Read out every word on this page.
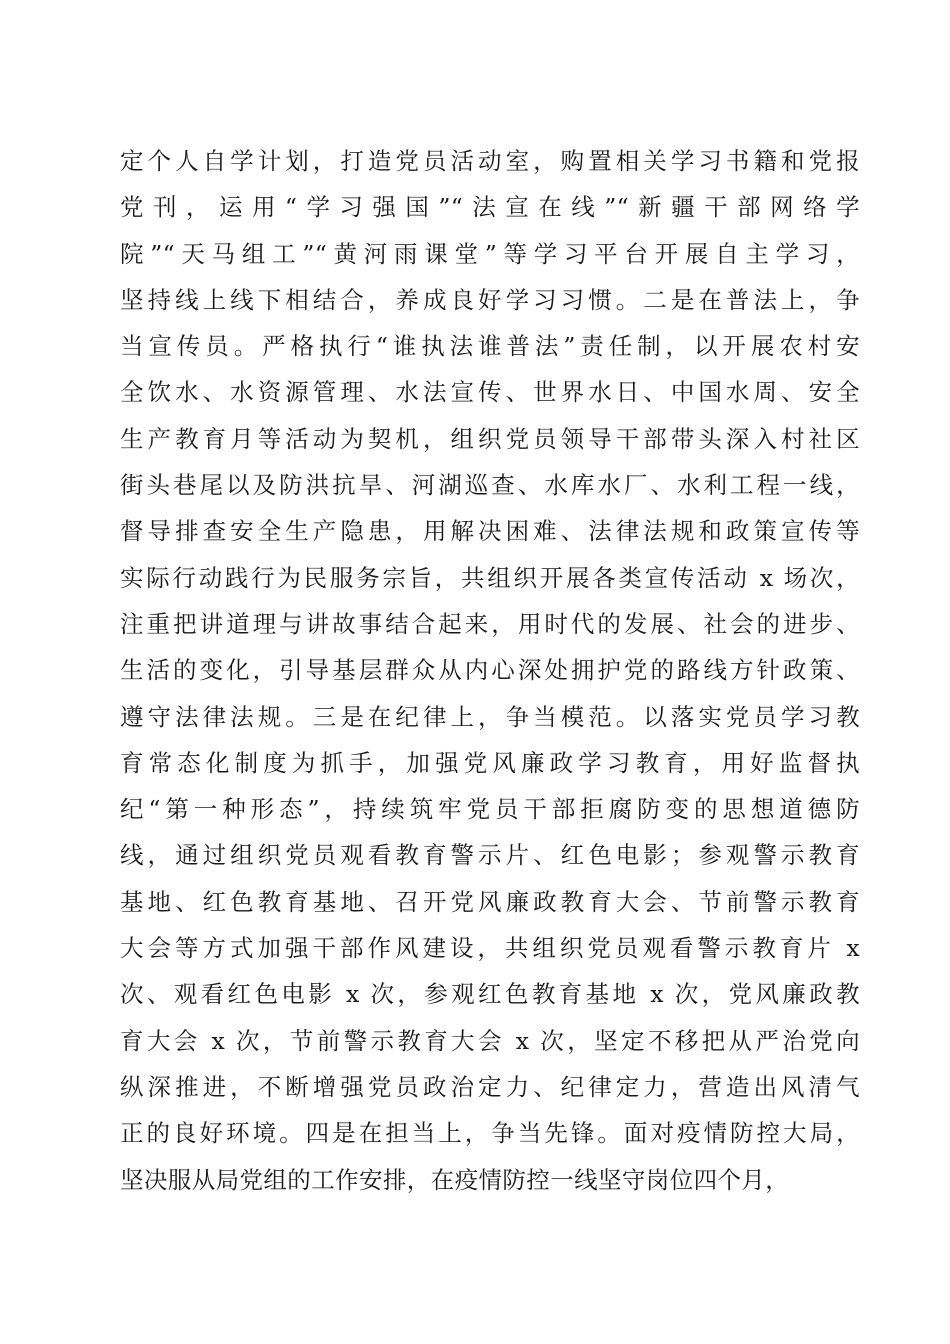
定个人自学计划，打造党员活动室，购置相关学习书籍和党报
党刊，运用“学习强国”“法宣在线”“新疆干部网络学
院”“天马组工”“黄河雨课堂”等学习平台开展自主学习，
坚持线上线下相结合，养成良好学习习惯。二是在普法上，争
当宣传员。严格执行“谁执法谁普法”责任制，以开展农村安
全饮水、水资源管理、水法宣传、世界水日、中国水周、安全
生产教育月等活动为契机，组织党员领导干部带头深入村社区
街头巷尾以及防洪抗旱、河湖巡查、水库水厂、水利工程一线，
督导排查安全生产隐患，用解决困难、法律法规和政策宣传等
实际行动践行为民服务宗旨，共组织开展各类宣传活动 x 场次，
注重把讲道理与讲故事结合起来，用时代的发展、社会的进步、
生活的变化，引导基层群众从内心深处拥护党的路线方针政策、
遵守法律法规。三是在纪律上，争当模范。以落实党员学习教
育常态化制度为抓手，加强党风廉政学习教育，用好监督执
纪“第一种形态”，持续筑牢党员干部拒腐防变的思想道德防
线，通过组织党员观看教育警示片、红色电影；参观警示教育
基地、红色教育基地、召开党风廉政教育大会、节前警示教育
大会等方式加强干部作风建设，共组织党员观看警示教育片 x
次、观看红色电影 x 次，参观红色教育基地 x 次，党风廉政教
育大会 x 次，节前警示教育大会 x 次，坚定不移把从严治党向
纵深推进，不断增强党员政治定力、纪律定力，营造出风清气
正的良好环境。四是在担当上，争当先锋。面对疫情防控大局，
坚决服从局党组的工作安排，在疫情防控一线坚守岗位四个月，
